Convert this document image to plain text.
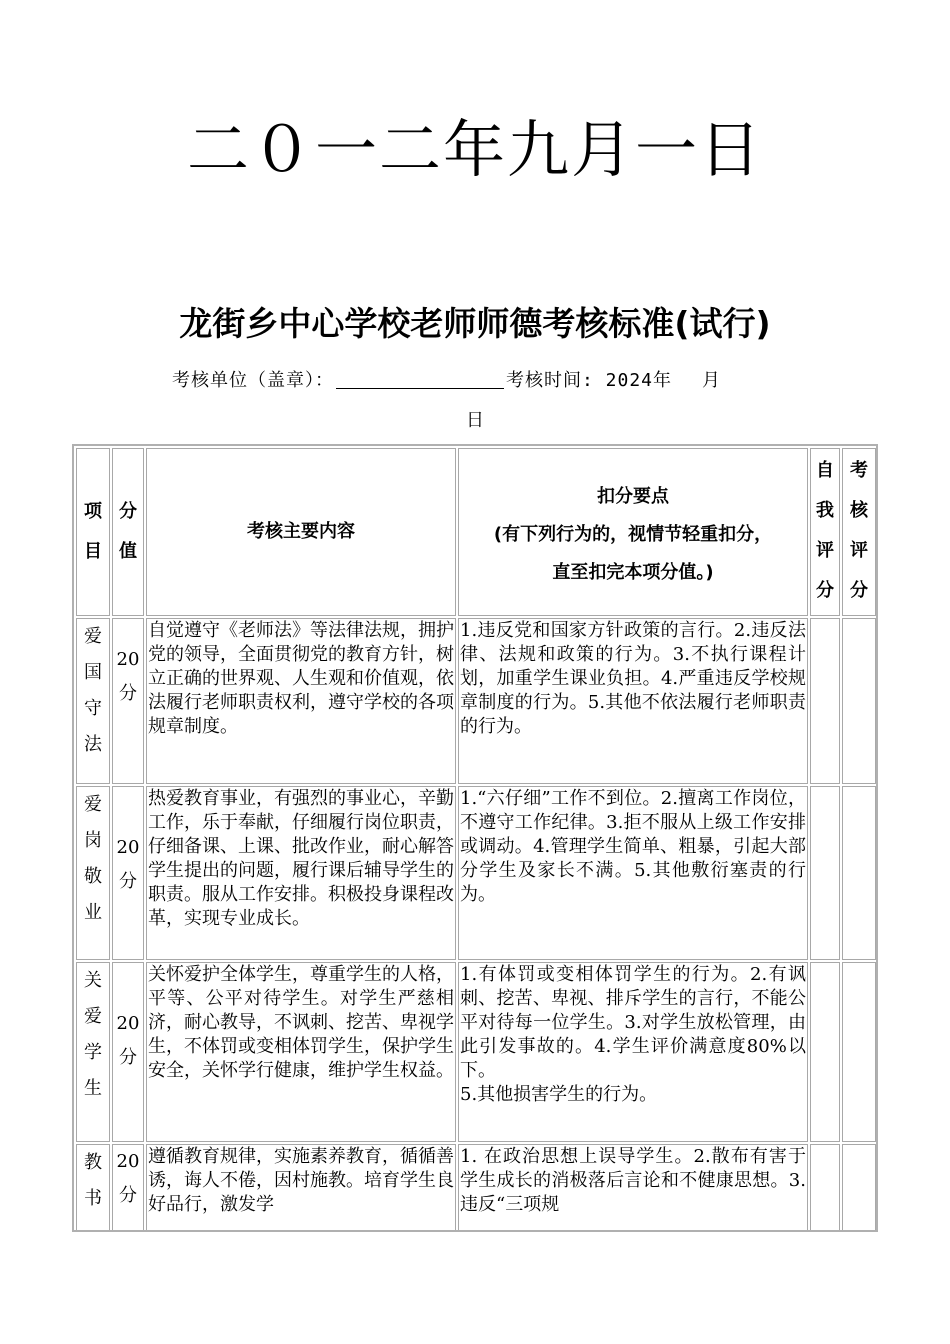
二０一二年九月一日
龙街乡中心学校老师师德考核标准(试行)
考核单位（盖章）：	考核时间: 2024年 月
日
项目	分值	考核主要内容	扣分要点
(有下列行为的，视情节轻重扣分，
直至扣完本项分值。)	自我评分	考核评分
爱国守法	20分	自觉遵守《老师法》等法律法规，拥护党的领导，全面贯彻党的教育方针，树立正确的世界观、人生观和价值观，依法履行老师职责权利，遵守学校的各项规章制度。	1.违反党和国家方针政策的言行。2.违反法律、法规和政策的行为。3.不执行课程计划，加重学生课业负担。4.严重违反学校规章制度的行为。5.其他不依法履行老师职责的行为。		
爱岗敬业	20分	热爱教育事业，有强烈的事业心，辛勤工作，乐于奉献，仔细履行岗位职责，仔细备课、上课、批改作业，耐心解答学生提出的问题，履行课后辅导学生的职责。服从工作安排。积极投身课程改革，实现专业成长。	1.“六仔细”工作不到位。2.擅离工作岗位，不遵守工作纪律。3.拒不服从上级工作安排或调动。4.管理学生简单、粗暴，引起大部分学生及家长不满。5.其他敷衍塞责的行为。		
关爱学生	20分	关怀爱护全体学生，尊重学生的人格，平等、公平对待学生。对学生严慈相济，耐心教导，不讽刺、挖苦、卑视学生，不体罚或变相体罚学生，保护学生安全，关怀学行健康，维护学生权益。	1.有体罚或变相体罚学生的行为。2.有讽刺、挖苦、卑视、排斥学生的言行，不能公平对待每一位学生。3.对学生放松管理，由此引发事故的。4.学生评价满意度80%以下。
5.其他损害学生的行为。		
教书	20分	遵循教育规律，实施素养教育，循循善诱，诲人不倦，因村施教。培育学生良好品行，激发学	1. 在政治思想上误导学生。2.散布有害于学生成长的消极落后言论和不健康思想。3.违反“三项规		
